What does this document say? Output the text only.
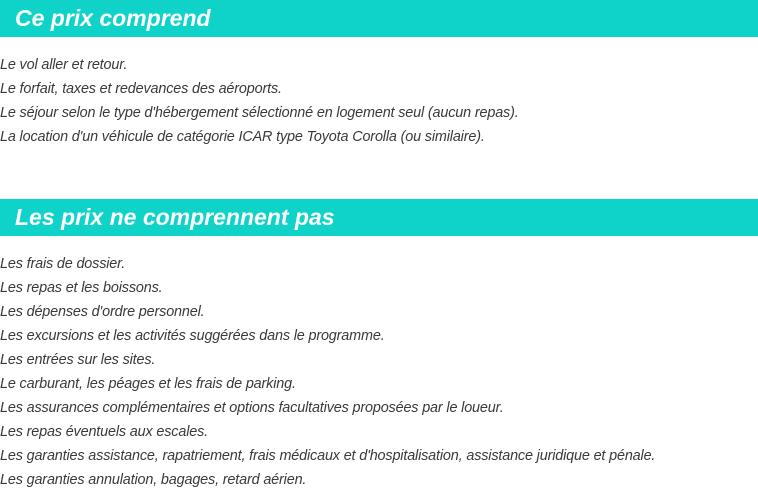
Ce prix comprend
Le vol aller et retour.
Le forfait, taxes et redevances des aéroports.
Le séjour selon le type d'hébergement sélectionné en logement seul (aucun repas).
La location d'un véhicule de catégorie ICAR type Toyota Corolla (ou similaire).
Les prix ne comprennent pas
Les frais de dossier.
Les repas et les boissons.
Les dépenses d'ordre personnel.
Les excursions et les activités suggérées dans le programme.
Les entrées sur les sites.
Le carburant, les péages et les frais de parking.
Les assurances complémentaires et options facultatives proposées par le loueur.
Les repas éventuels aux escales.
Les garanties assistance, rapatriement, frais médicaux et d'hospitalisation, assistance juridique et pénale.
Les garanties annulation, bagages, retard aérien.
